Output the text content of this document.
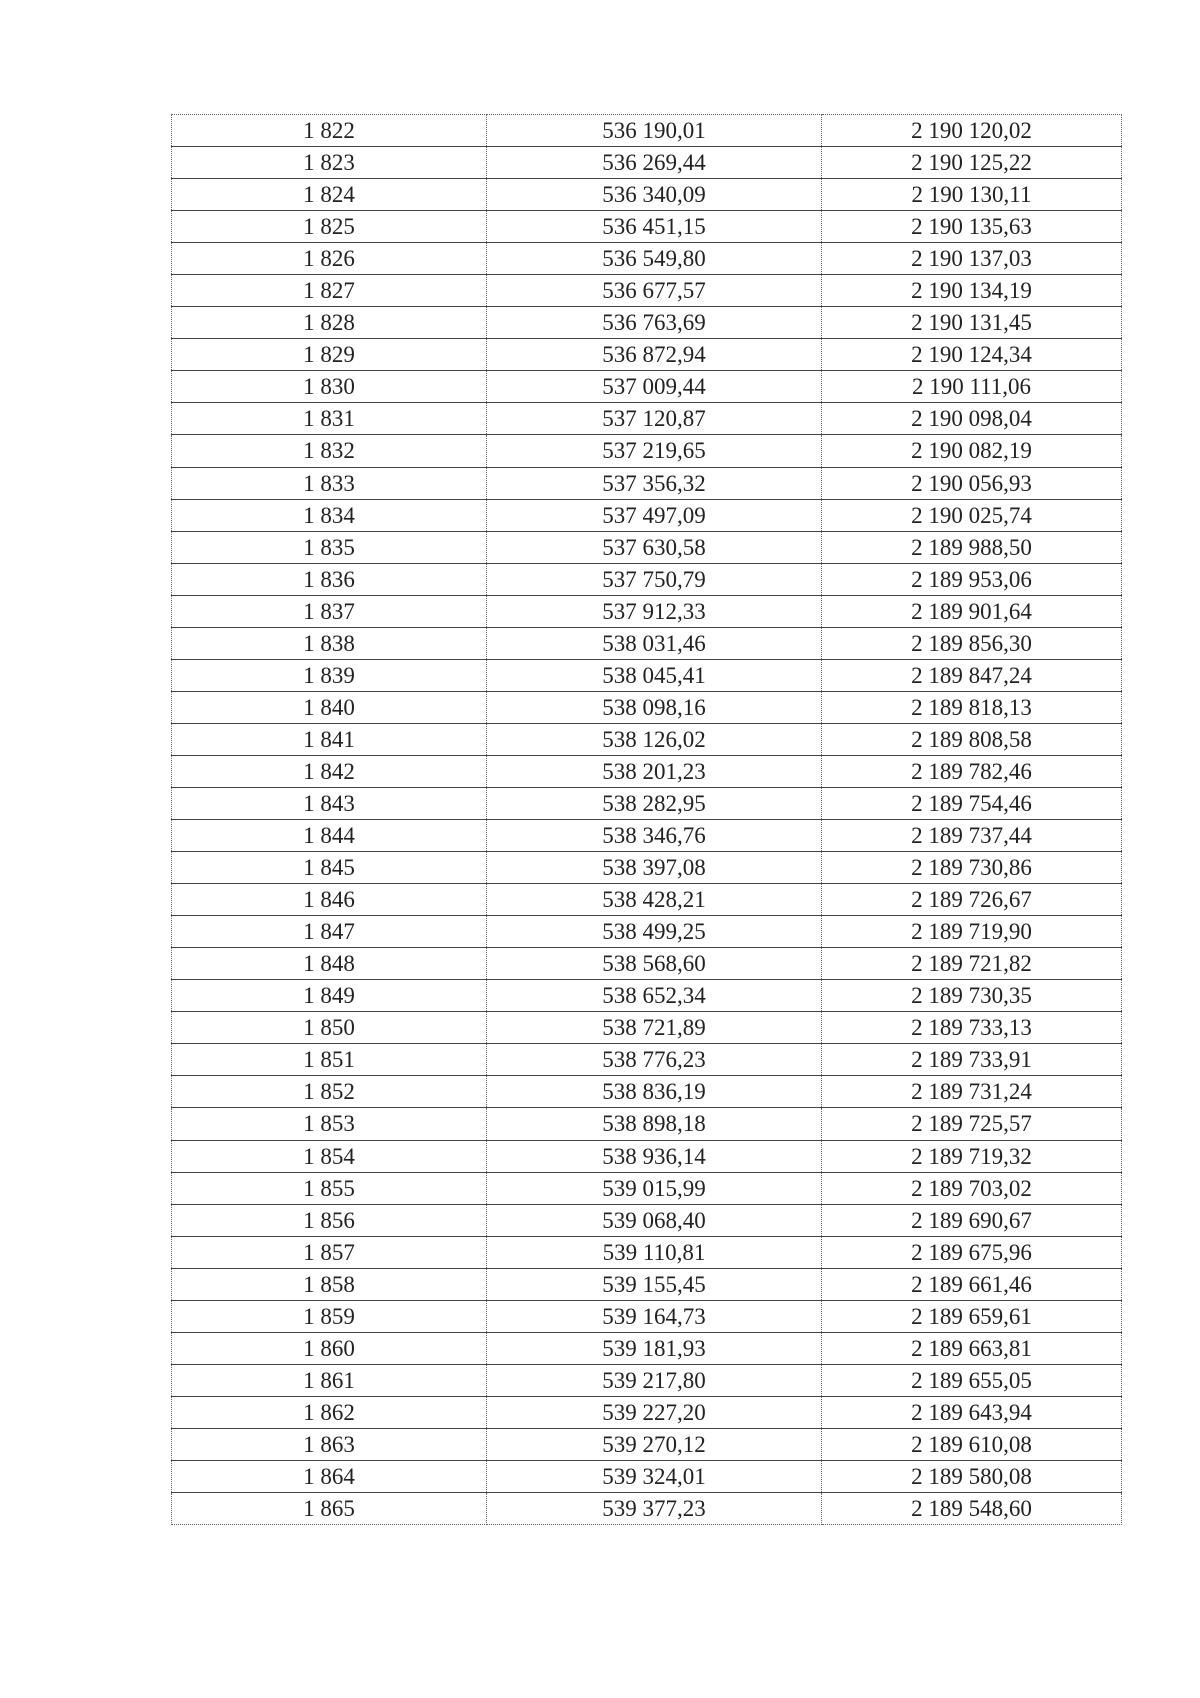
1 822	536 190,01	2 190 120,02
1 823	536 269,44	2 190 125,22
1 824	536 340,09	2 190 130,11
1 825	536 451,15	2 190 135,63
1 826	536 549,80	2 190 137,03
1 827	536 677,57	2 190 134,19
1 828	536 763,69	2 190 131,45
1 829	536 872,94	2 190 124,34
1 830	537 009,44	2 190 111,06
1 831	537 120,87	2 190 098,04
1 832	537 219,65	2 190 082,19
1 833	537 356,32	2 190 056,93
1 834	537 497,09	2 190 025,74
1 835	537 630,58	2 189 988,50
1 836	537 750,79	2 189 953,06
1 837	537 912,33	2 189 901,64
1 838	538 031,46	2 189 856,30
1 839	538 045,41	2 189 847,24
1 840	538 098,16	2 189 818,13
1 841	538 126,02	2 189 808,58
1 842	538 201,23	2 189 782,46
1 843	538 282,95	2 189 754,46
1 844	538 346,76	2 189 737,44
1 845	538 397,08	2 189 730,86
1 846	538 428,21	2 189 726,67
1 847	538 499,25	2 189 719,90
1 848	538 568,60	2 189 721,82
1 849	538 652,34	2 189 730,35
1 850	538 721,89	2 189 733,13
1 851	538 776,23	2 189 733,91
1 852	538 836,19	2 189 731,24
1 853	538 898,18	2 189 725,57
1 854	538 936,14	2 189 719,32
1 855	539 015,99	2 189 703,02
1 856	539 068,40	2 189 690,67
1 857	539 110,81	2 189 675,96
1 858	539 155,45	2 189 661,46
1 859	539 164,73	2 189 659,61
1 860	539 181,93	2 189 663,81
1 861	539 217,80	2 189 655,05
1 862	539 227,20	2 189 643,94
1 863	539 270,12	2 189 610,08
1 864	539 324,01	2 189 580,08
1 865	539 377,23	2 189 548,60
